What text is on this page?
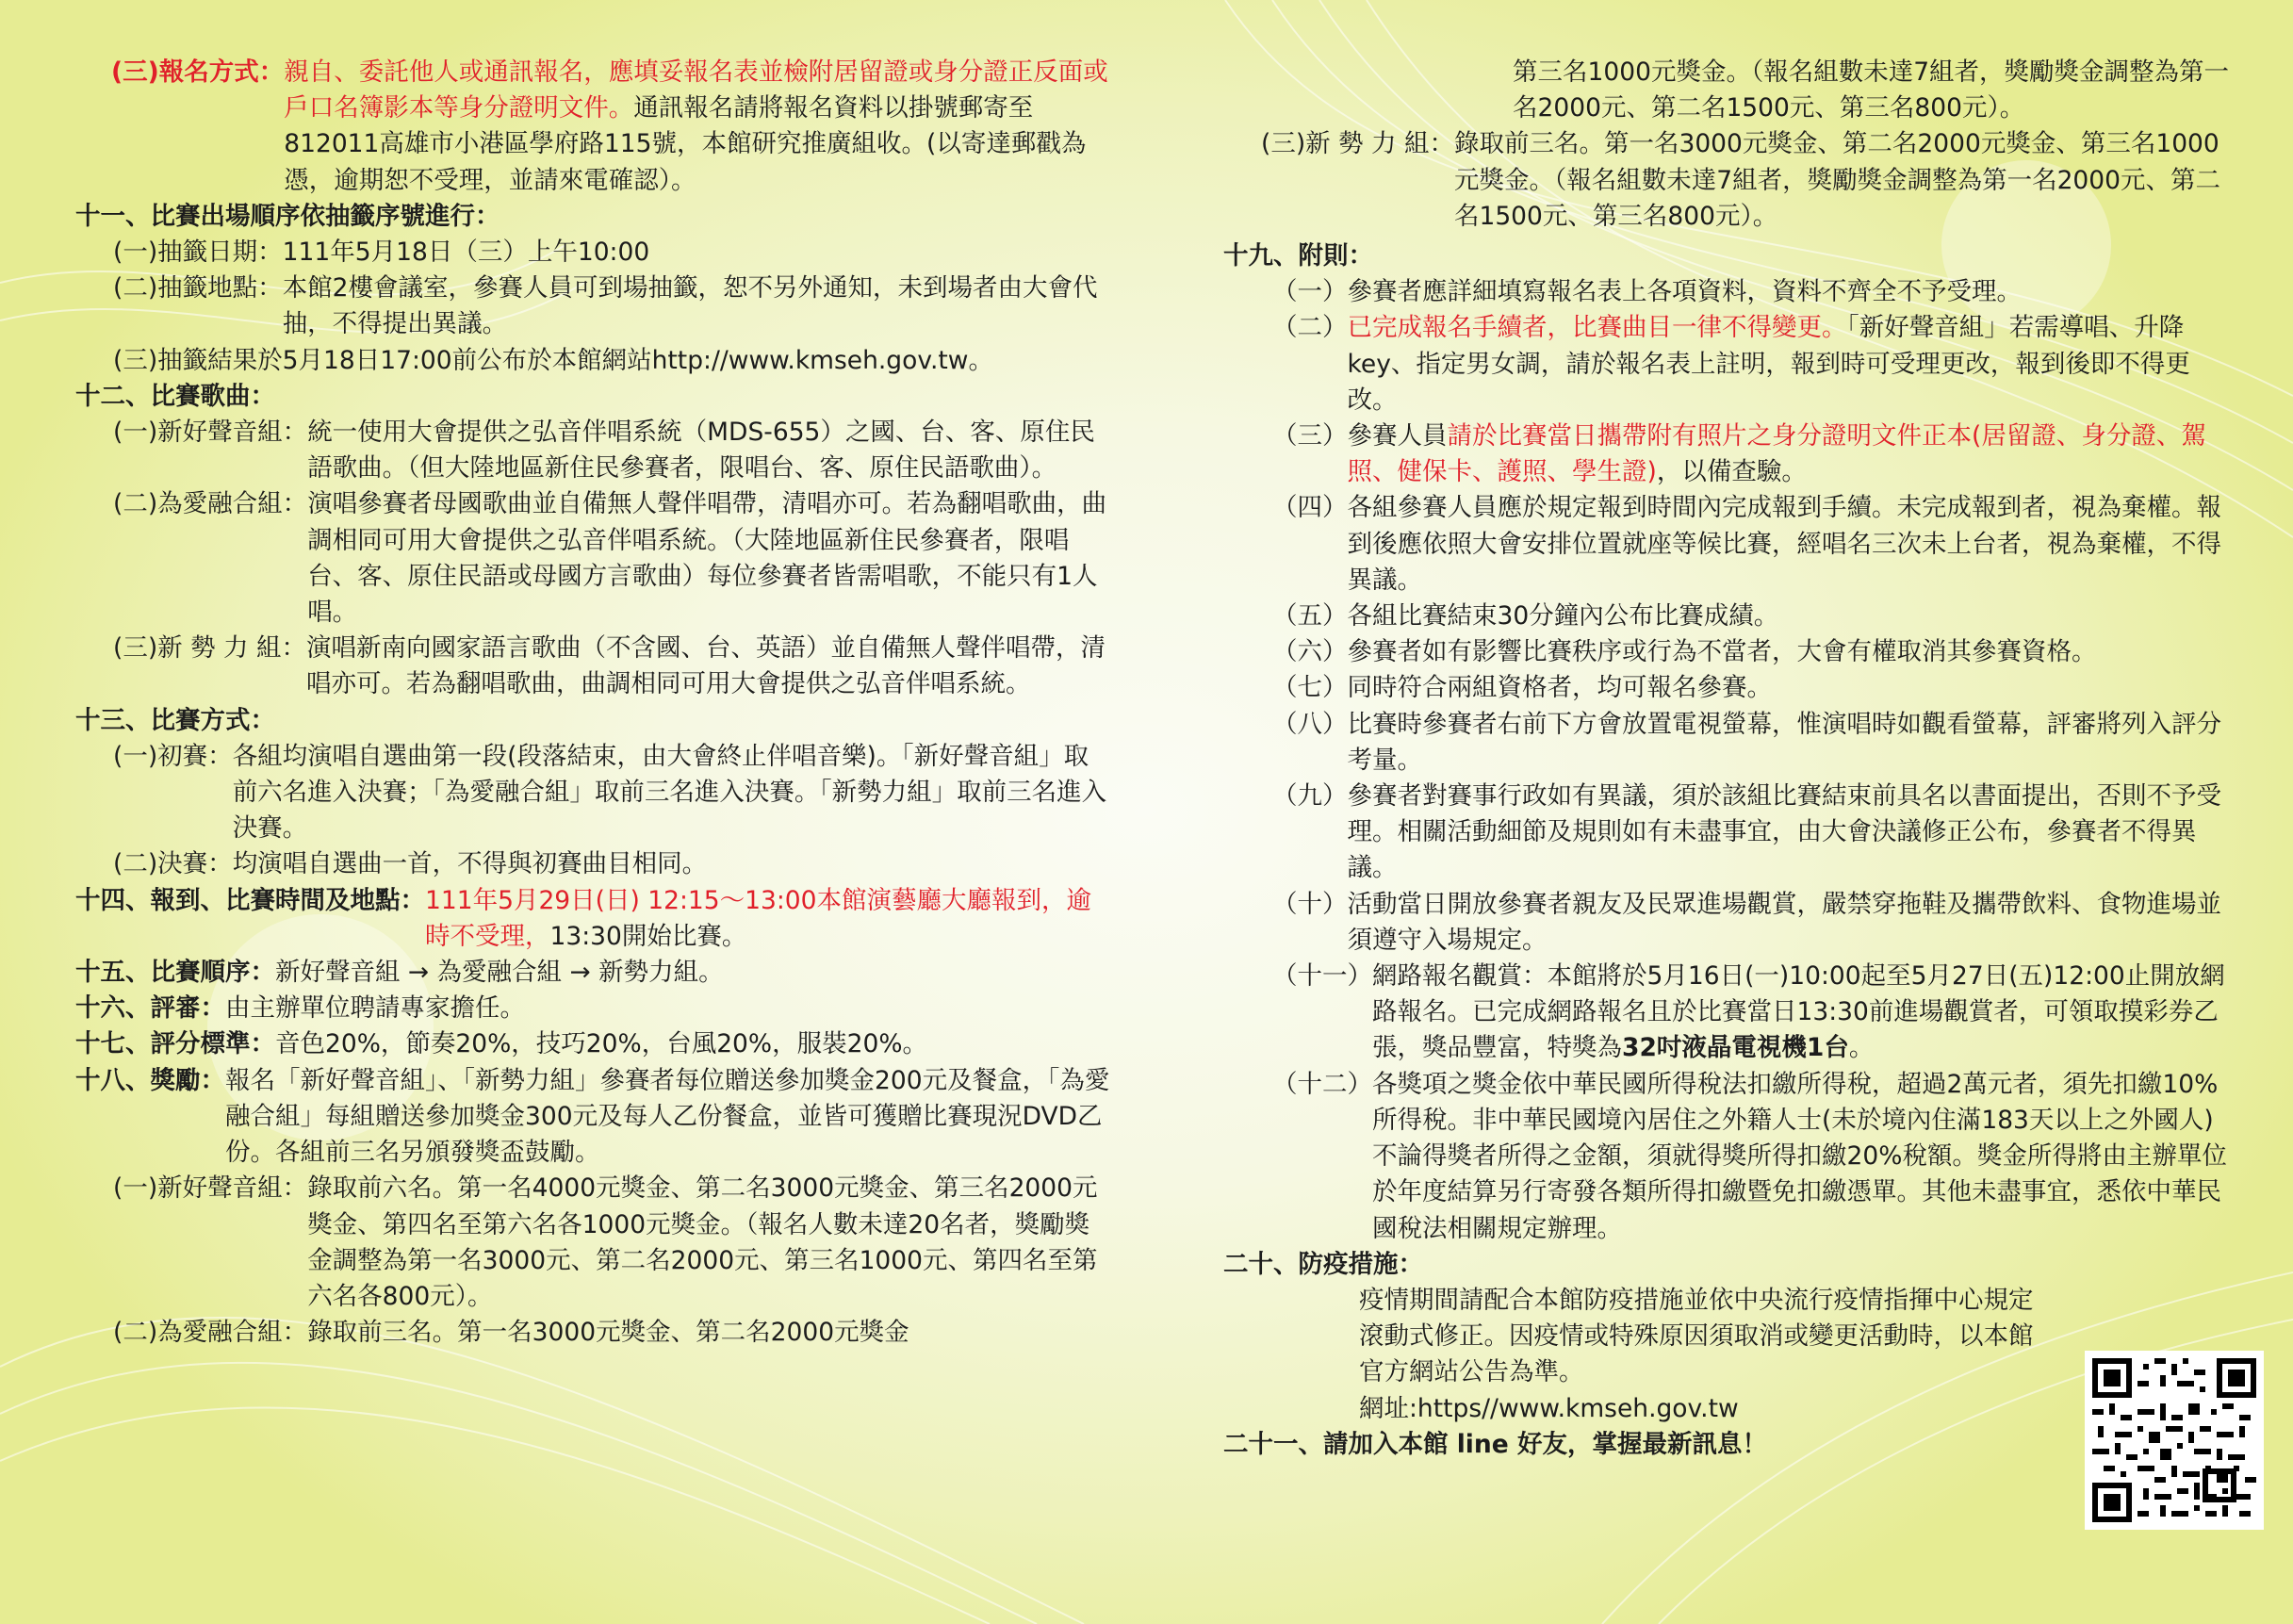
(三)報名方式： 親自、委託他人或通訊報名，應填妥報名表並檢附居留證或身分證正反面或戶口名簿影本等身分證明文件。通訊報名請將報名資料以掛號郵寄至812011高雄市小港區學府路115號，本館研究推廣組收。(以寄達郵戳為憑，逾期恕不受理，並請來電確認）。
十一、比賽出場順序依抽籤序號進行：
(一)抽籤日期：111年5月18日（三）上午10:00
(二)抽籤地點： 本館2樓會議室，參賽人員可到場抽籤，恕不另外通知，未到場者由大會代抽，不得提出異議。
(三)抽籤結果於5月18日17:00前公布於本館網站http://www.kmseh.gov.tw。
十二、比賽歌曲：
(一)新好聲音組： 統一使用大會提供之弘音伴唱系統（MDS-655）之國、台、客、原住民語歌曲。（但大陸地區新住民參賽者，限唱台、客、原住民語歌曲）。
(二)為愛融合組： 演唱參賽者母國歌曲並自備無人聲伴唱帶，清唱亦可。若為翻唱歌曲，曲調相同可用大會提供之弘音伴唱系統。（大陸地區新住民參賽者，限唱台、客、原住民語或母國方言歌曲）每位參賽者皆需唱歌，不能只有1人唱。
(三)新 勢 力 組： 演唱新南向國家語言歌曲（不含國、台、英語）並自備無人聲伴唱帶，清唱亦可。若為翻唱歌曲，曲調相同可用大會提供之弘音伴唱系統。
十三、比賽方式：
(一)初賽： 各組均演唱自選曲第一段(段落結束，由大會終止伴唱音樂)。「新好聲音組」取前六名進入決賽；「為愛融合組」取前三名進入決賽。「新勢力組」取前三名進入決賽。
(二)決賽： 均演唱自選曲一首，不得與初賽曲目相同。
十四、報到、比賽時間及地點： 111年5月29日(日) 12:15～13:00本館演藝廳大廳報到，逾時不受理，13:30開始比賽。
十五、比賽順序： 新好聲音組 → 為愛融合組 → 新勢力組。
十六、評審： 由主辦單位聘請專家擔任。
十七、評分標準： 音色20%，節奏20%，技巧20%，台風20%，服裝20%。
十八、獎勵： 報名「新好聲音組」、「新勢力組」參賽者每位贈送參加獎金200元及餐盒，「為愛融合組」每組贈送參加獎金300元及每人乙份餐盒，並皆可獲贈比賽現況DVD乙份。各組前三名另頒發獎盃鼓勵。
(一)新好聲音組： 錄取前六名。第一名4000元獎金、第二名3000元獎金、第三名2000元獎金、第四名至第六名各1000元獎金。（報名人數未達20名者，獎勵獎金調整為第一名3000元、第二名2000元、第三名1000元、第四名至第六名各800元）。
(二)為愛融合組： 錄取前三名。第一名3000元獎金、第二名2000元獎金
第三名1000元獎金。（報名組數未達7組者，獎勵獎金調整為第一名2000元、第二名1500元、第三名800元）。
(三)新 勢 力 組： 錄取前三名。第一名3000元獎金、第二名2000元獎金、第三名1000元獎金。（報名組數未達7組者，獎勵獎金調整為第一名2000元、第二名1500元、第三名800元）。
十九、附則：
（一） 參賽者應詳細填寫報名表上各項資料，資料不齊全不予受理。
（二） 已完成報名手續者，比賽曲目一律不得變更。「新好聲音組」若需導唱、升降key、指定男女調，請於報名表上註明，報到時可受理更改，報到後即不得更改。
（三） 參賽人員請於比賽當日攜帶附有照片之身分證明文件正本(居留證、身分證、駕照、健保卡、護照、學生證)，以備查驗。
（四） 各組參賽人員應於規定報到時間內完成報到手續。未完成報到者，視為棄權。報到後應依照大會安排位置就座等候比賽，經唱名三次未上台者，視為棄權，不得異議。
（五） 各組比賽結束30分鐘內公布比賽成績。
（六） 參賽者如有影響比賽秩序或行為不當者，大會有權取消其參賽資格。
（七） 同時符合兩組資格者，均可報名參賽。
（八） 比賽時參賽者右前下方會放置電視螢幕，惟演唱時如觀看螢幕，評審將列入評分考量。
（九） 參賽者對賽事行政如有異議，須於該組比賽結束前具名以書面提出，否則不予受理。相關活動細節及規則如有未盡事宜，由大會決議修正公布，參賽者不得異議。
（十） 活動當日開放參賽者親友及民眾進場觀賞，嚴禁穿拖鞋及攜帶飲料、食物進場並須遵守入場規定。
（十一） 網路報名觀賞：本館將於5月16日(一)10:00起至5月27日(五)12:00止開放網路報名。已完成網路報名且於比賽當日13:30前進場觀賞者，可領取摸彩券乙張，獎品豐富，特獎為32吋液晶電視機1台。
（十二） 各獎項之獎金依中華民國所得稅法扣繳所得稅，超過2萬元者，須先扣繳10%所得稅。非中華民國境內居住之外籍人士(未於境內住滿183天以上之外國人)不論得獎者所得之金額，須就得獎所得扣繳20%稅額。獎金所得將由主辦單位於年度結算另行寄發各類所得扣繳暨免扣繳憑單。其他未盡事宜，悉依中華民國稅法相關規定辦理。
二十、防疫措施：
疫情期間請配合本館防疫措施並依中央流行疫情指揮中心規定滾動式修正。因疫情或特殊原因須取消或變更活動時，以本館官方網站公告為準。
網址:https//www.kmseh.gov.tw
二十一、請加入本館 line 好友，掌握最新訊息！
